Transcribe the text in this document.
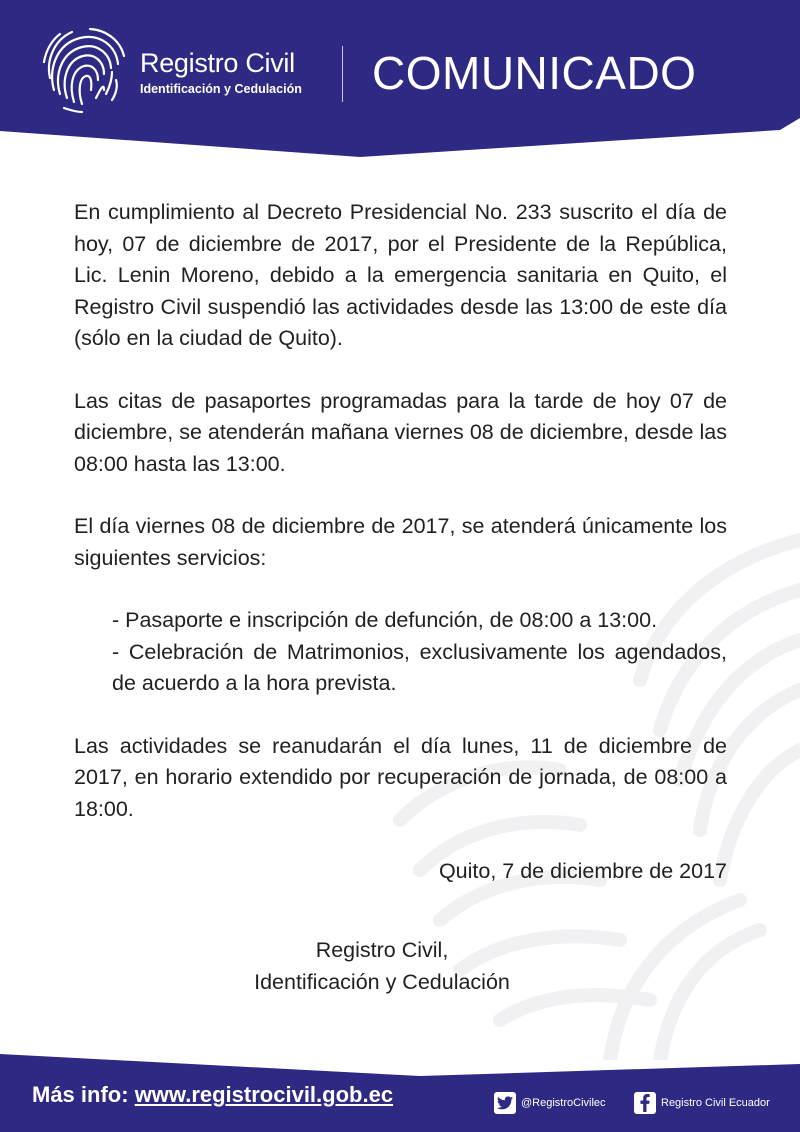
Registro Civil
Identificación y Cedulación COMUNICADO

En cumplimiento al Decreto Presidencial No. 233 suscrito el día de hoy, 07 de diciembre de 2017, por el Presidente de la República, Lic. Lenin Moreno, debido a la emergencia sanitaria en Quito, el Registro Civil suspendió las actividades desde las 13:00 de este día (sólo en la ciudad de Quito).

Las citas de pasaportes programadas para la tarde de hoy 07 de diciembre, se atenderán mañana viernes 08 de diciembre, desde las 08:00 hasta las 13:00.

El día viernes 08 de diciembre de 2017, se atenderá únicamente los siguientes servicios:

- Pasaporte e inscripción de defunción, de 08:00 a 13:00.
- Celebración de Matrimonios, exclusivamente los agendados, de acuerdo a la hora prevista.

Las actividades se reanudarán el día lunes, 11 de diciembre de 2017, en horario extendido por recuperación de jornada, de 08:00 a 18:00.

Quito, 7 de diciembre de 2017

Registro Civil,
Identificación y Cedulación
Más info: www.registrocivil.gob.ec	@RegistroCivilec	Registro Civil Ecuador
